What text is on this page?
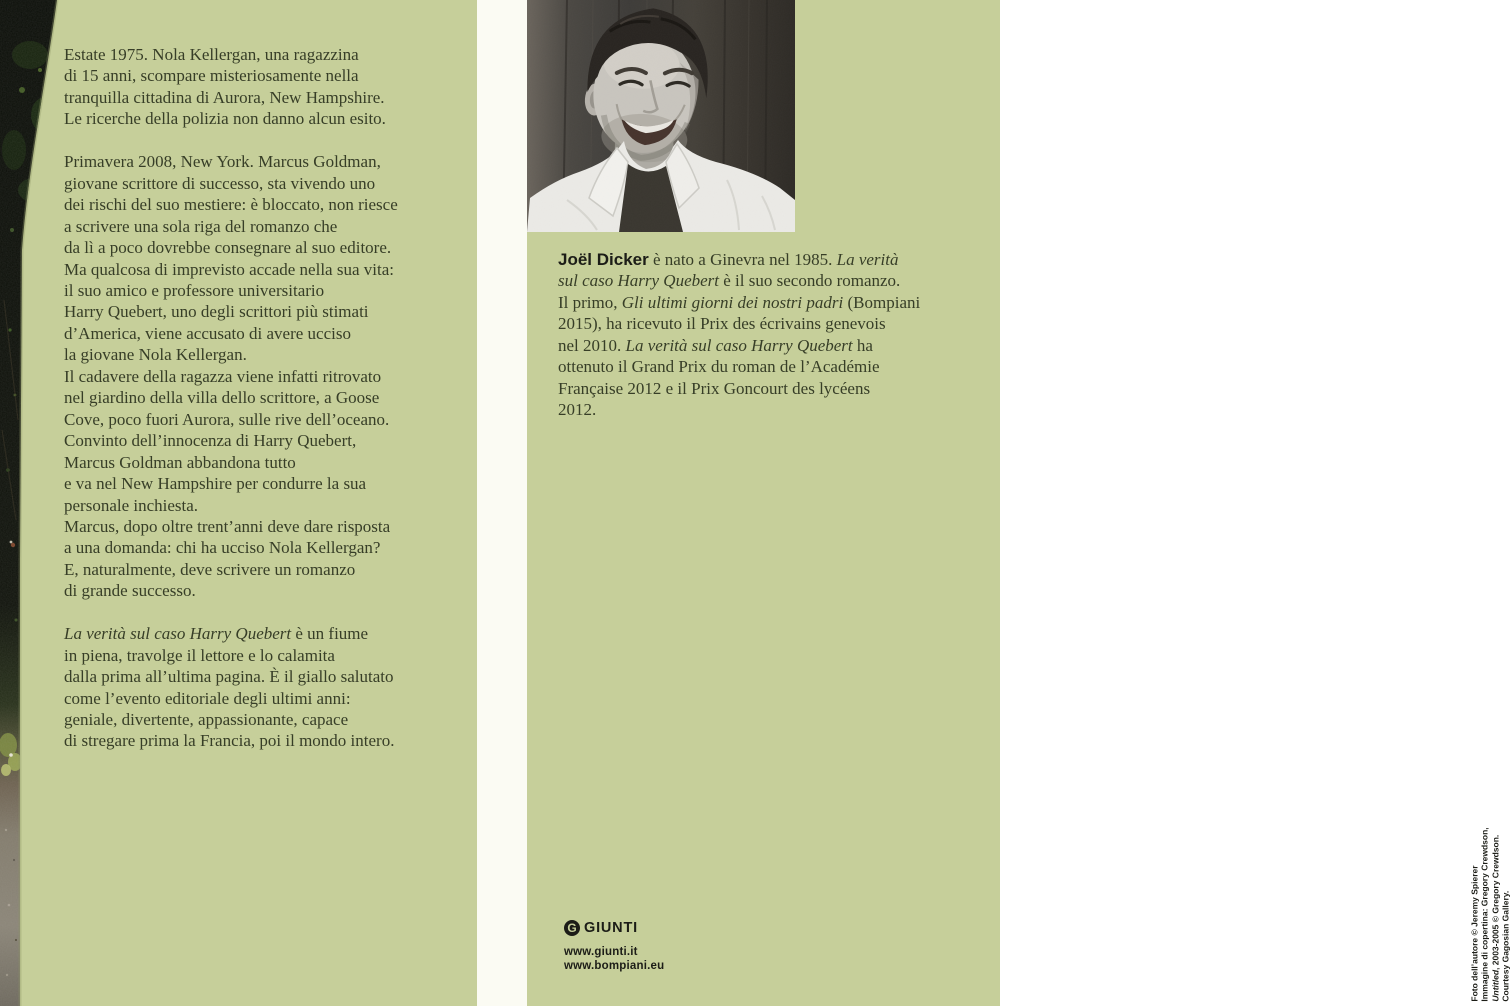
Estate 1975. Nola Kellergan, una ragazzina
di 15 anni, scompare misteriosamente nella
tranquilla cittadina di Aurora, New Hampshire.
Le ricerche della polizia non danno alcun esito.

Primavera 2008, New York. Marcus Goldman,
giovane scrittore di successo, sta vivendo uno
dei rischi del suo mestiere: è bloccato, non riesce
a scrivere una sola riga del romanzo che
da lì a poco dovrebbe consegnare al suo editore.
Ma qualcosa di imprevisto accade nella sua vita:
il suo amico e professore universitario
Harry Quebert, uno degli scrittori più stimati
d’America, viene accusato di avere ucciso
la giovane Nola Kellergan.
Il cadavere della ragazza viene infatti ritrovato
nel giardino della villa dello scrittore, a Goose
Cove, poco fuori Aurora, sulle rive dell’oceano.
Convinto dell’innocenza di Harry Quebert,
Marcus Goldman abbandona tutto
e va nel New Hampshire per condurre la sua
personale inchiesta.
Marcus, dopo oltre trent’anni deve dare risposta
a una domanda: chi ha ucciso Nola Kellergan?
E, naturalmente, deve scrivere un romanzo
di grande successo.

La verità sul caso Harry Quebert è un fiume
in piena, travolge il lettore e lo calamita
dalla prima all’ultima pagina. È il giallo salutato
come l’evento editoriale degli ultimi anni:
geniale, divertente, appassionante, capace
di stregare prima la Francia, poi il mondo intero.

Joël Dicker è nato a Ginevra nel 1985. La verità
sul caso Harry Quebert è il suo secondo romanzo.
Il primo, Gli ultimi giorni dei nostri padri (Bompiani
2015), ha ricevuto il Prix des écrivains genevois
nel 2010. La verità sul caso Harry Quebert ha
ottenuto il Grand Prix du roman de l’Académie
Française 2012 e il Prix Goncourt des lycéens
2012.

G GIUNTI
www.giunti.it
www.bompiani.eu	Foto dell’autore © Jeremy Spierer
Immagine di copertina: Gregory Crewdson,
Untitled, 2003-2005 © Gregory Crewdson.
Courtesy Gagosian Gallery.
